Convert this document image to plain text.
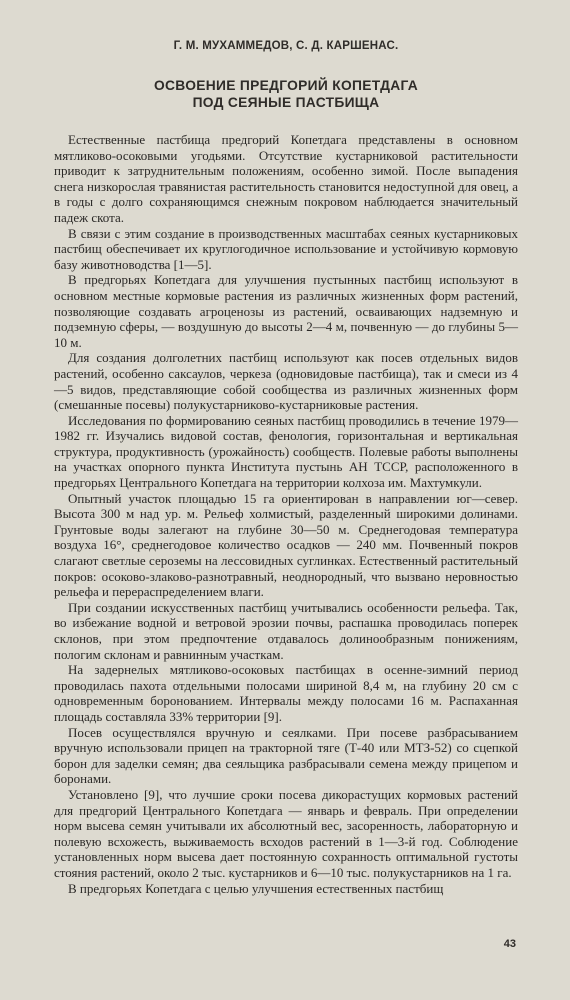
Г. М. МУХАММЕДОВ, С. Д. КАРШЕНАС.
ОСВОЕНИЕ ПРЕДГОРИЙ КОПЕТДАГА
ПОД СЕЯНЫЕ ПАСТБИЩА

Естественные пастбища предгорий Копетдага представлены в основном мятликово-осоковыми угодьями. Отсутствие кустарниковой растительности приводит к затруднительным положениям, особенно зимой. После выпадения снега низкорослая травянистая растительность становится недоступной для овец, а в годы с долго сохраняющимся снежным покровом наблюдается значительный падеж скота.

В связи с этим создание в производственных масштабах сеяных кустарниковых пастбищ обеспечивает их круглогодичное использование и устойчивую кормовую базу животноводства [1—5].

В предгорьях Копетдага для улучшения пустынных пастбищ используют в основном местные кормовые растения из различных жизненных форм растений, позволяющие создавать агроценозы из растений, осваивающих надземную и подземную сферы, — воздушную до высоты 2—4 м, почвенную — до глубины 5—10 м.

Для создания долголетних пастбищ используют как посев отдельных видов растений, особенно саксаулов, черкеза (одновидовые пастбища), так и смеси из 4—5 видов, представляющие собой сообщества из различных жизненных форм (смешанные посевы) полукустарниково-кустарниковые растения.

Исследования по формированию сеяных пастбищ проводились в течение 1979—1982 гг. Изучались видовой состав, фенология, горизонтальная и вертикальная структура, продуктивность (урожайность) сообществ. Полевые работы выполнены на участках опорного пункта Института пустынь АН ТССР, расположенного в предгорьях Центрального Копетдага на территории колхоза им. Махтумкули.

Опытный участок площадью 15 га ориентирован в направлении юг—север. Высота 300 м над ур. м. Рельеф холмистый, разделенный широкими долинами. Грунтовые воды залегают на глубине 30—50 м. Среднегодовая температура воздуха 16°, среднегодовое количество осадков — 240 мм. Почвенный покров слагают светлые сероземы на лессовидных суглинках. Естественный растительный покров: осоково-злаково-разнотравный, неоднородный, что вызвано неровностью рельефа и перераспределением влаги.

При создании искусственных пастбищ учитывались особенности рельефа. Так, во избежание водной и ветровой эрозии почвы, распашка проводилась поперек склонов, при этом предпочтение отдавалось долинообразным понижениям, пологим склонам и равнинным участкам.

На задернелых мятликово-осоковых пастбищах в осенне-зимний период проводилась пахота отдельными полосами шириной 8,4 м, на глубину 20 см с одновременным боронованием. Интервалы между полосами 16 м. Распаханная площадь составляла 33% территории [9].

Посев осуществлялся вручную и сеялками. При посеве разбрасыванием вручную использовали прицеп на тракторной тяге (Т-40 или МТЗ-52) со сцепкой борон для заделки семян; два сеяльщика разбрасывали семена между прицепом и боронами.

Установлено [9], что лучшие сроки посева дикорастущих кормовых растений для предгорий Центрального Копетдага — январь и февраль. При определении норм высева семян учитывали их абсолютный вес, засоренность, лабораторную и полевую всхожесть, выживаемость всходов растений в 1—3-й год. Соблюдение установленных норм высева дает постоянную сохранность оптимальной густоты стояния растений, около 2 тыс. кустарников и 6—10 тыс. полукустарников на 1 га.

В предгорьях Копетдага с целью улучшения естественных пастбищ

43
